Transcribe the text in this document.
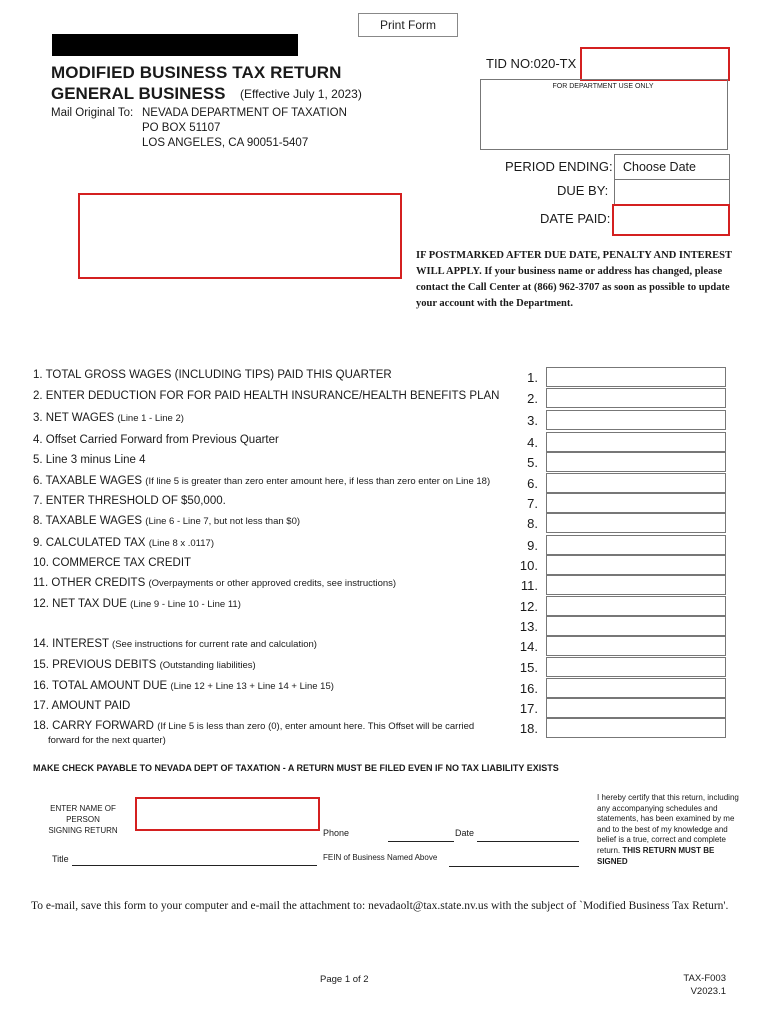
Print Form
MODIFIED BUSINESS TAX RETURN
GENERAL BUSINESS (Effective July 1, 2023)
Mail Original To: NEVADA DEPARTMENT OF TAXATION
PO BOX 51107
LOS ANGELES, CA 90051-5407
TID NO:020-TX
FOR DEPARTMENT USE ONLY
PERIOD ENDING: Choose Date
DUE BY:
DATE PAID:
IF POSTMARKED AFTER DUE DATE, PENALTY AND INTEREST WILL APPLY. If your business name or address has changed, please contact the Call Center at (866) 962-3707 as soon as possible to update your account with the Department.
1. TOTAL GROSS WAGES (INCLUDING TIPS) PAID THIS QUARTER	1.
2. ENTER DEDUCTION FOR FOR PAID HEALTH INSURANCE/HEALTH BENEFITS PLAN	2.
3. NET WAGES (Line 1 - Line 2)	3.
4. Offset Carried Forward from Previous Quarter	4.
5. Line 3 minus Line 4	5.
6. TAXABLE WAGES (If line 5 is greater than zero enter amount here, if less than zero enter on Line 18)	6.
7. ENTER THRESHOLD OF $50,000.	7.
8. TAXABLE WAGES (Line 6 - Line 7, but not less than $0)	8.
9. CALCULATED TAX (Line 8 x .0117)	9.
10. COMMERCE TAX CREDIT	10.
11. OTHER CREDITS (Overpayments or other approved credits, see instructions)	11.
12. NET TAX DUE (Line 9 - Line 10 - Line 11)	12.
13.
14. INTEREST (See instructions for current rate and calculation)	14.
15. PREVIOUS DEBITS (Outstanding liabilities)	15.
16. TOTAL AMOUNT DUE (Line 12 + Line 13 + Line 14 + Line 15)	16.
17. AMOUNT PAID	17.
18. CARRY FORWARD (If Line 5 is less than zero (0), enter amount here. This Offset will be carried	18.
forward for the next quarter)
MAKE CHECK PAYABLE TO NEVADA DEPT OF TAXATION - A RETURN MUST BE FILED EVEN IF NO TAX LIABILITY EXISTS
ENTER NAME OF PERSON
SIGNING RETURN
Title
Phone	Date
FEIN of Business Named Above
I hereby certify that this return, including any accompanying schedules and statements, has been examined by me and to the best of my knowledge and belief is a true, correct and complete return. THIS RETURN MUST BE SIGNED
To e-mail, save this form to your computer and e-mail the attachment to: nevadaolt@tax.state.nv.us with the subject of `Modified Business Tax Return'.
Page 1 of 2	TAX-F003
V2023.1
